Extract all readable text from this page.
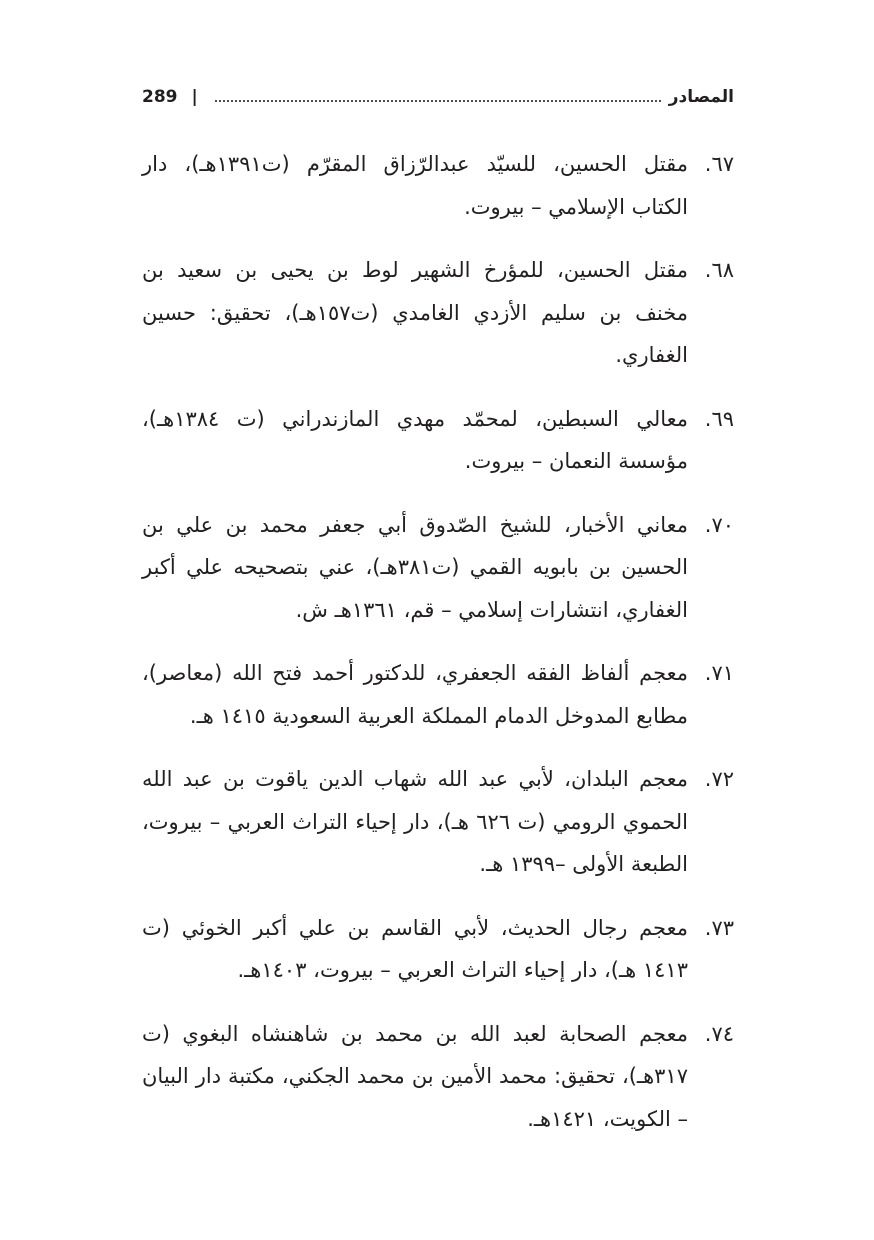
289 |	المصادر
٦٧.
مقتل الحسين، للسيّد عبدالرّزاق المقرّم (ت١٣٩١هـ)، دار الكتاب الإسلامي – بيروت.
٦٨.
مقتل الحسين، للمؤرخ الشهير لوط بن يحيى بن سعيد بن مخنف بن سليم الأزدي الغامدي (ت١٥٧هـ)، تحقيق: حسين الغفاري.
٦٩.
معالي السبطين، لمحمّد مهدي المازندراني (ت ١٣٨٤هـ)، مؤسسة النعمان – بيروت.
٧٠.
معاني الأخبار، للشيخ الصّدوق أبي جعفر محمد بن علي بن الحسين بن بابويه القمي (ت٣٨١هـ)، عني بتصحيحه علي أكبر الغفاري، انتشارات إسلامي – قم، ١٣٦١هـ ش.
٧١.
معجم ألفاظ الفقه الجعفري، للدكتور أحمد فتح الله (معاصر)، مطابع المدوخل الدمام المملكة العربية السعودية ١٤١٥ هـ.
٧٢.
معجم البلدان، لأبي عبد الله شهاب الدين ياقوت بن عبد الله الحموي الرومي (ت ٦٢٦ هـ)، دار إحياء التراث العربي – بيروت، الطبعة الأولى –١٣٩٩ هـ.
٧٣.
معجم رجال الحديث، لأبي القاسم بن علي أكبر الخوئي (ت ١٤١٣ هـ)، دار إحياء التراث العربي – بيروت، ١٤٠٣هـ.
٧٤.
معجم الصحابة لعبد الله بن محمد بن شاهنشاه البغوي (ت ٣١٧هـ)، تحقيق: محمد الأمين بن محمد الجكني، مكتبة دار البيان – الكويت، ١٤٢١هـ.
